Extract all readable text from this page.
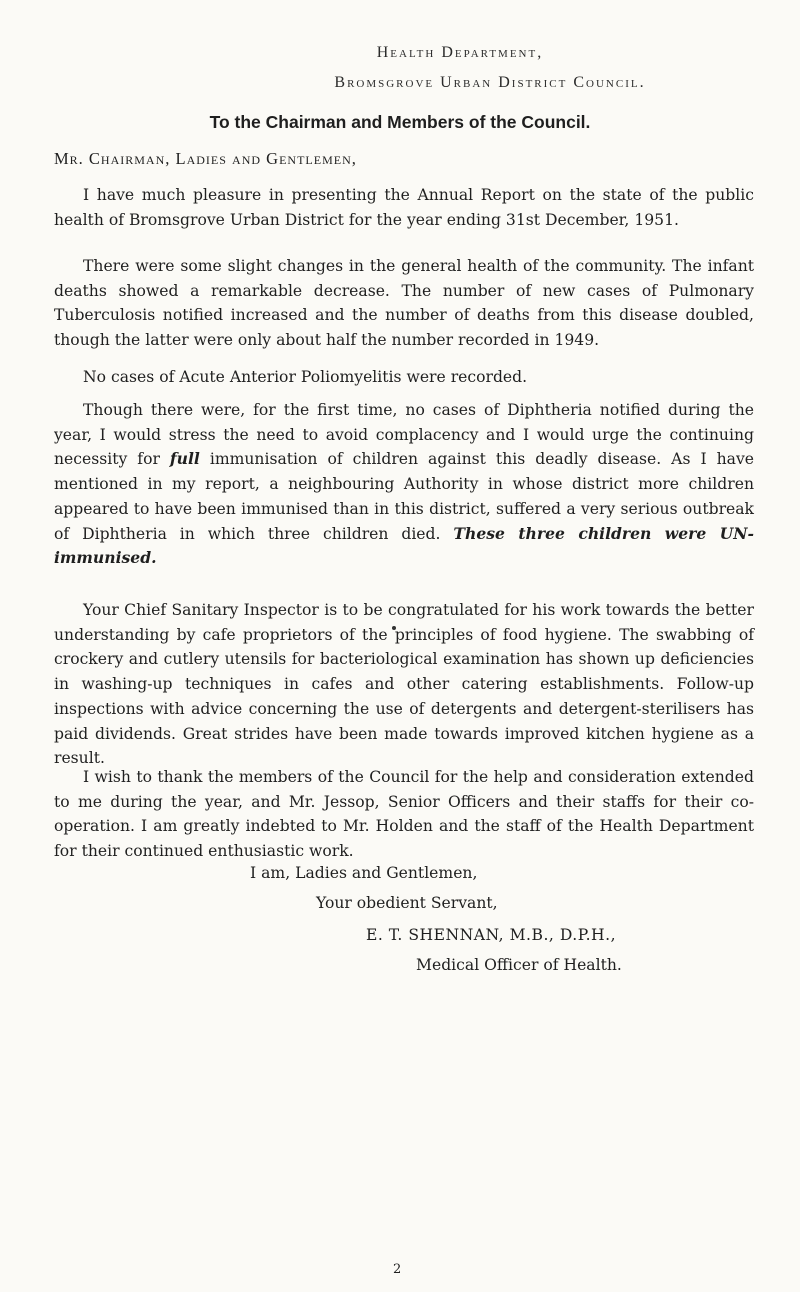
Health Department,
Bromsgrove Urban District Council.
To the Chairman and Members of the Council.
Mr. Chairman, Ladies and Gentlemen,

I have much pleasure in presenting the Annual Report on the state of the public health of Bromsgrove Urban District for the year ending 31st December, 1951.

There were some slight changes in the general health of the community. The infant deaths showed a remarkable decrease. The number of new cases of Pulmonary Tuberculosis notified increased and the number of deaths from this disease doubled, though the latter were only about half the number recorded in 1949.

No cases of Acute Anterior Poliomyelitis were recorded.

Though there were, for the first time, no cases of Diphtheria notified during the year, I would stress the need to avoid complacency and I would urge the continuing necessity for full immunisation of children against this deadly disease. As I have mentioned in my report, a neighbouring Authority in whose district more children appeared to have been immunised than in this district, suffered a very serious outbreak of Diphtheria in which three children died. These three children were UN-immunised.

Your Chief Sanitary Inspector is to be congratulated for his work towards the better understanding by cafe proprietors of the principles of food hygiene. The swabbing of crockery and cutlery utensils for bacteriological examination has shown up deficiencies in washing-up techniques in cafes and other catering establishments. Follow-up inspections with advice concerning the use of detergents and detergent-sterilisers has paid dividends. Great strides have been made towards improved kitchen hygiene as a result.

I wish to thank the members of the Council for the help and consideration extended to me during the year, and Mr. Jessop, Senior Officers and their staffs for their co-operation. I am greatly indebted to Mr. Holden and the staff of the Health Department for their continued enthusiastic work.

I am, Ladies and Gentlemen,
Your obedient Servant,
E. T. SHENNAN, M.B., D.P.H.,
Medical Officer of Health.
2
